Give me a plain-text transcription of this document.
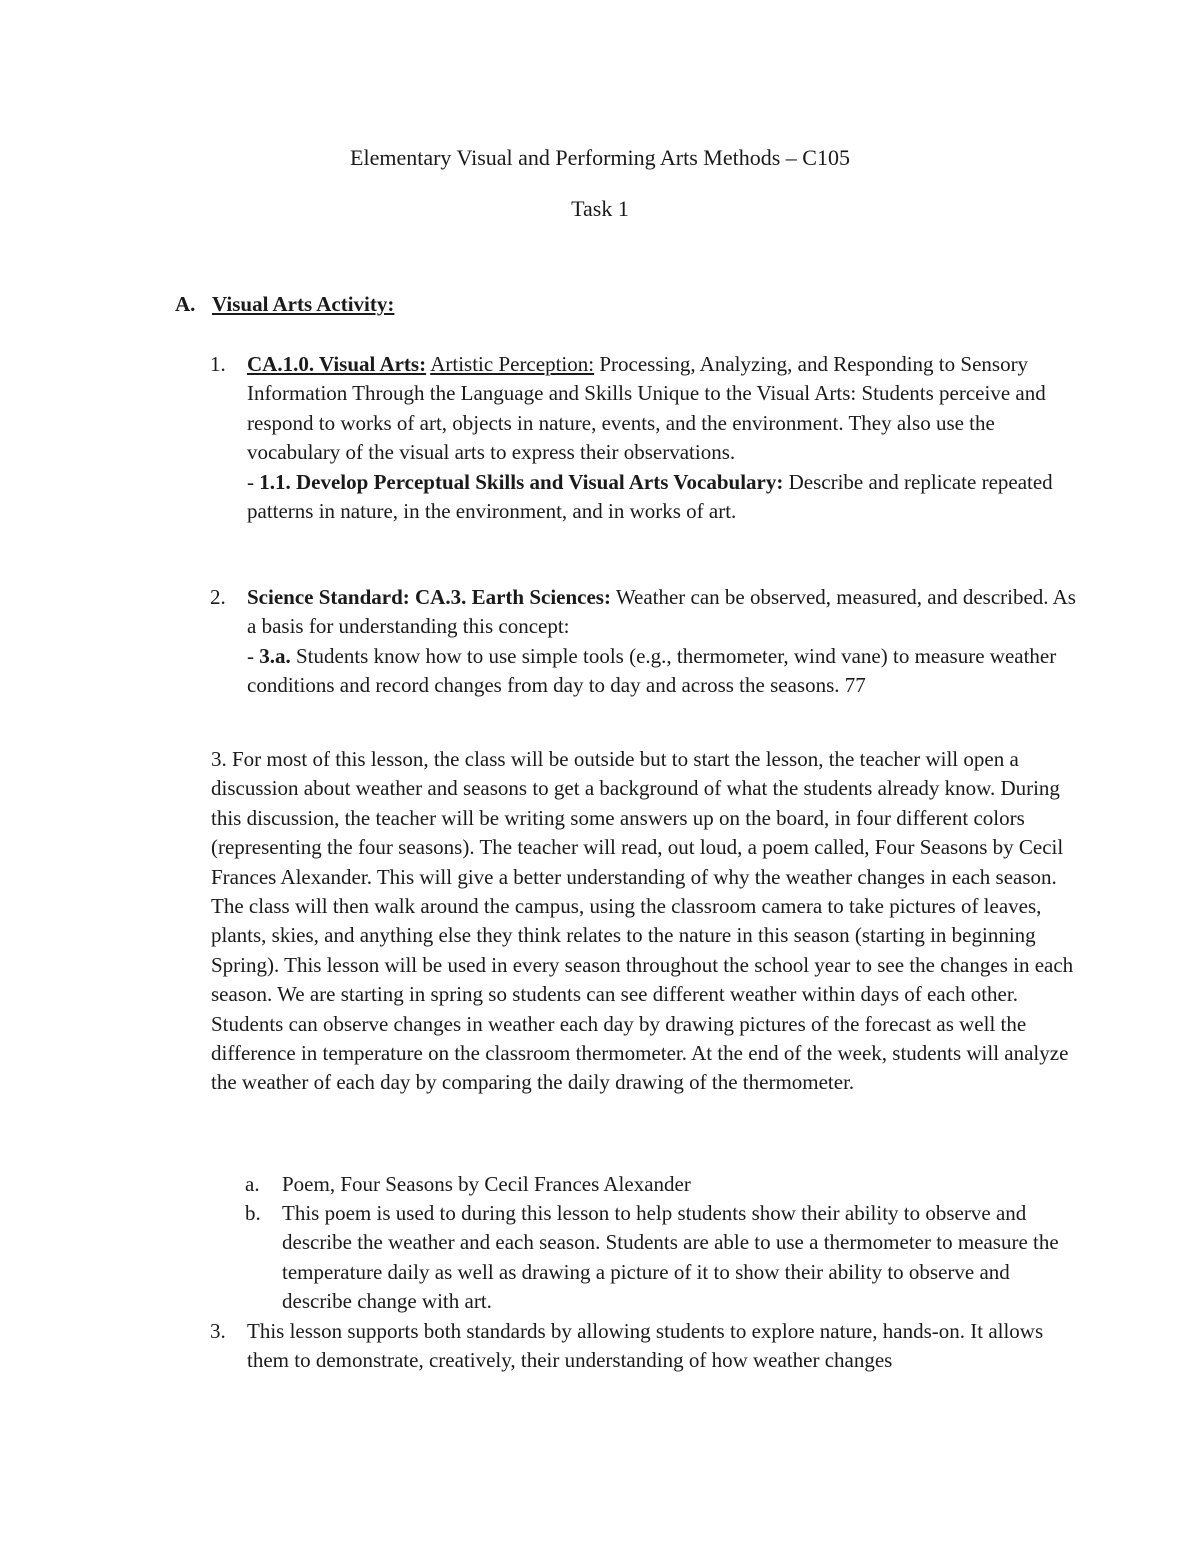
Elementary Visual and Performing Arts Methods – C105
Task 1
A. Visual Arts Activity:
1. CA.1.0. Visual Arts: Artistic Perception: Processing, Analyzing, and Responding to Sensory Information Through the Language and Skills Unique to the Visual Arts: Students perceive and respond to works of art, objects in nature, events, and the environment. They also use the vocabulary of the visual arts to express their observations.
- 1.1. Develop Perceptual Skills and Visual Arts Vocabulary: Describe and replicate repeated patterns in nature, in the environment, and in works of art.
2. Science Standard: CA.3. Earth Sciences: Weather can be observed, measured, and described. As a basis for understanding this concept:
- 3.a. Students know how to use simple tools (e.g., thermometer, wind vane) to measure weather conditions and record changes from day to day and across the seasons. 77
3. For most of this lesson, the class will be outside but to start the lesson, the teacher will open a discussion about weather and seasons to get a background of what the students already know. During this discussion, the teacher will be writing some answers up on the board, in four different colors (representing the four seasons). The teacher will read, out loud, a poem called, Four Seasons by Cecil Frances Alexander. This will give a better understanding of why the weather changes in each season. The class will then walk around the campus, using the classroom camera to take pictures of leaves, plants, skies, and anything else they think relates to the nature in this season (starting in beginning Spring). This lesson will be used in every season throughout the school year to see the changes in each season. We are starting in spring so students can see different weather within days of each other. Students can observe changes in weather each day by drawing pictures of the forecast as well the difference in temperature on the classroom thermometer. At the end of the week, students will analyze the weather of each day by comparing the daily drawing of the thermometer.
a. Poem, Four Seasons by Cecil Frances Alexander
b. This poem is used to during this lesson to help students show their ability to observe and describe the weather and each season. Students are able to use a thermometer to measure the temperature daily as well as drawing a picture of it to show their ability to observe and describe change with art.
3. This lesson supports both standards by allowing students to explore nature, hands-on. It allows them to demonstrate, creatively, their understanding of how weather changes
